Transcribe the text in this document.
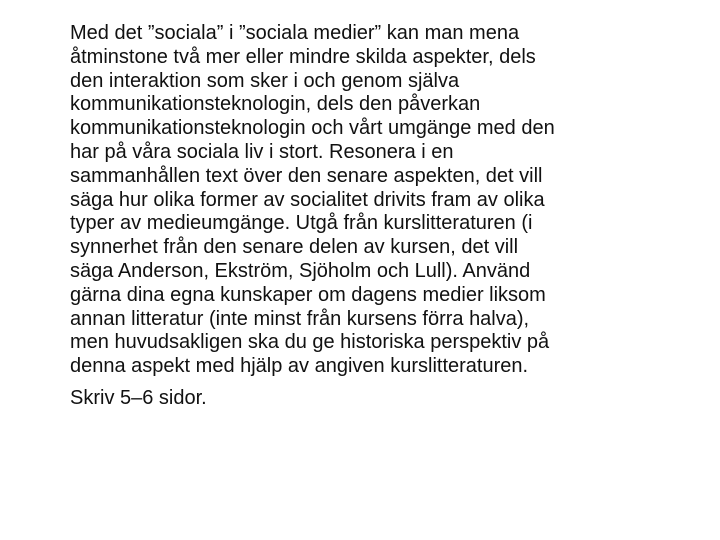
Med det ”sociala” i ”sociala medier” kan man mena
åtminstone två mer eller mindre skilda aspekter, dels
den interaktion som sker i och genom själva
kommunikationsteknologin, dels den påverkan
kommunikationsteknologin och vårt umgänge med den
har på våra sociala liv i stort. Resonera i en
sammanhållen text över den senare aspekten, det vill
säga hur olika former av socialitet drivits fram av olika
typer av medieumgänge. Utgå från kurslitteraturen (i
synnerhet från den senare delen av kursen, det vill
säga Anderson, Ekström, Sjöholm och Lull). Använd
gärna dina egna kunskaper om dagens medier liksom
annan litteratur (inte minst från kursens förra halva),
men huvudsakligen ska du ge historiska perspektiv på
denna aspekt med hjälp av angiven kurslitteraturen.
Skriv 5–6 sidor.
